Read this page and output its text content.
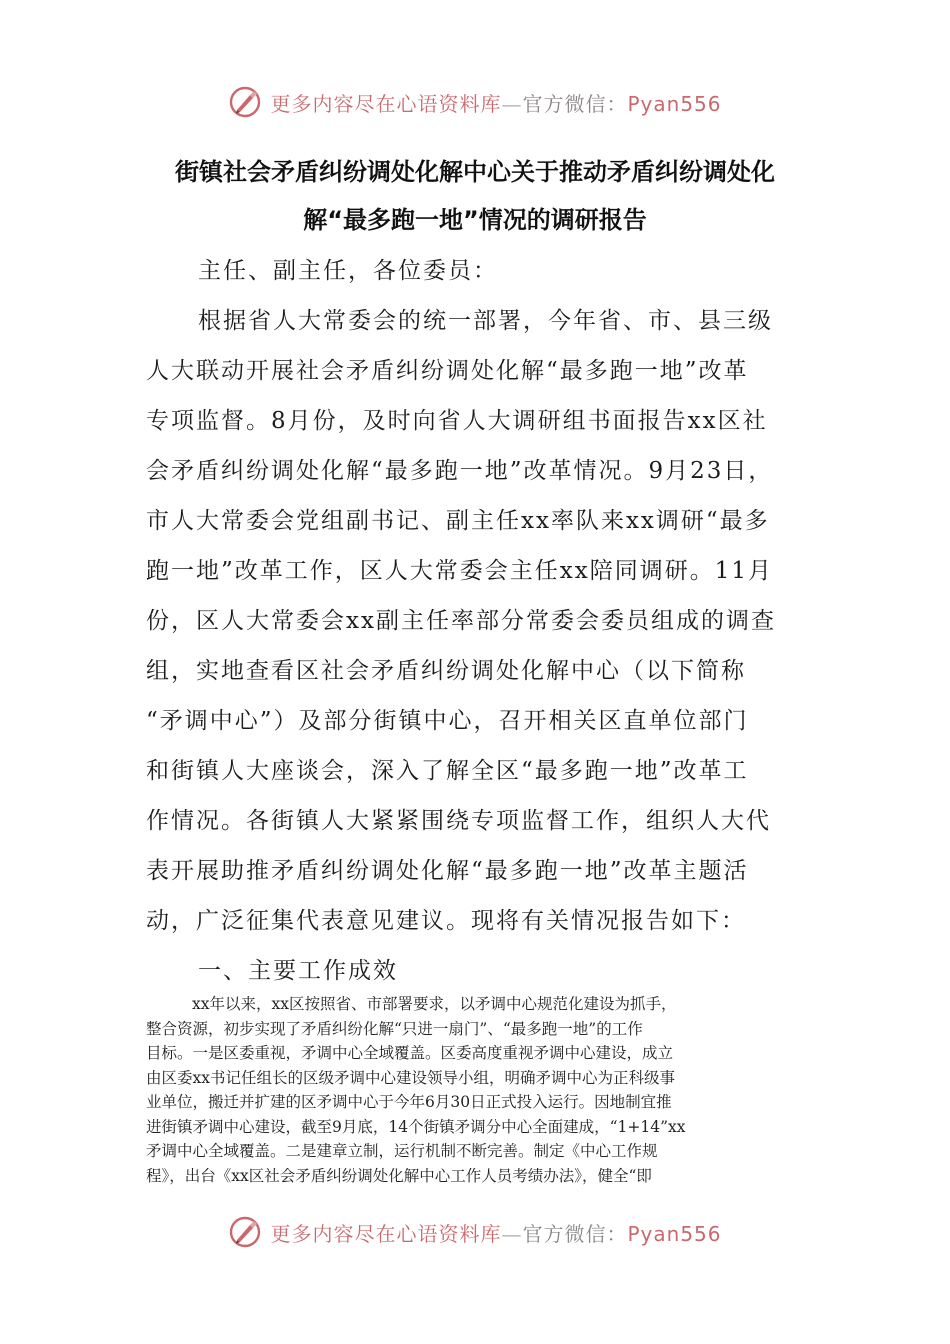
更多内容尽在心语资料库—官方微信：Pyan556
街镇社会矛盾纠纷调处化解中心关于推动矛盾纠纷调处化
解“最多跑一地”情况的调研报告
主任、副主任，各位委员：
根据省人大常委会的统一部署，今年省、市、县三级
人大联动开展社会矛盾纠纷调处化解“最多跑一地”改革
专项监督。8月份，及时向省人大调研组书面报告xx区社
会矛盾纠纷调处化解“最多跑一地”改革情况。9月23日，
市人大常委会党组副书记、副主任xx率队来xx调研“最多
跑一地”改革工作，区人大常委会主任xx陪同调研。11月
份，区人大常委会xx副主任率部分常委会委员组成的调查
组，实地查看区社会矛盾纠纷调处化解中心（以下简称
“矛调中心”）及部分街镇中心，召开相关区直单位部门
和街镇人大座谈会，深入了解全区“最多跑一地”改革工
作情况。各街镇人大紧紧围绕专项监督工作，组织人大代
表开展助推矛盾纠纷调处化解“最多跑一地”改革主题活
动，广泛征集代表意见建议。现将有关情况报告如下：
一、主要工作成效
xx年以来，xx区按照省、市部署要求，以矛调中心规范化建设为抓手，
整合资源，初步实现了矛盾纠纷化解“只进一扇门”、“最多跑一地”的工作
目标。一是区委重视，矛调中心全域覆盖。区委高度重视矛调中心建设，成立
由区委xx书记任组长的区级矛调中心建设领导小组，明确矛调中心为正科级事
业单位，搬迁并扩建的区矛调中心于今年6月30日正式投入运行。因地制宜推
进街镇矛调中心建设，截至9月底，14个街镇矛调分中心全面建成，“1+14”xx
矛调中心全域覆盖。二是建章立制，运行机制不断完善。制定《中心工作规
程》，出台《xx区社会矛盾纠纷调处化解中心工作人员考绩办法》，健全“即
更多内容尽在心语资料库—官方微信：Pyan556
